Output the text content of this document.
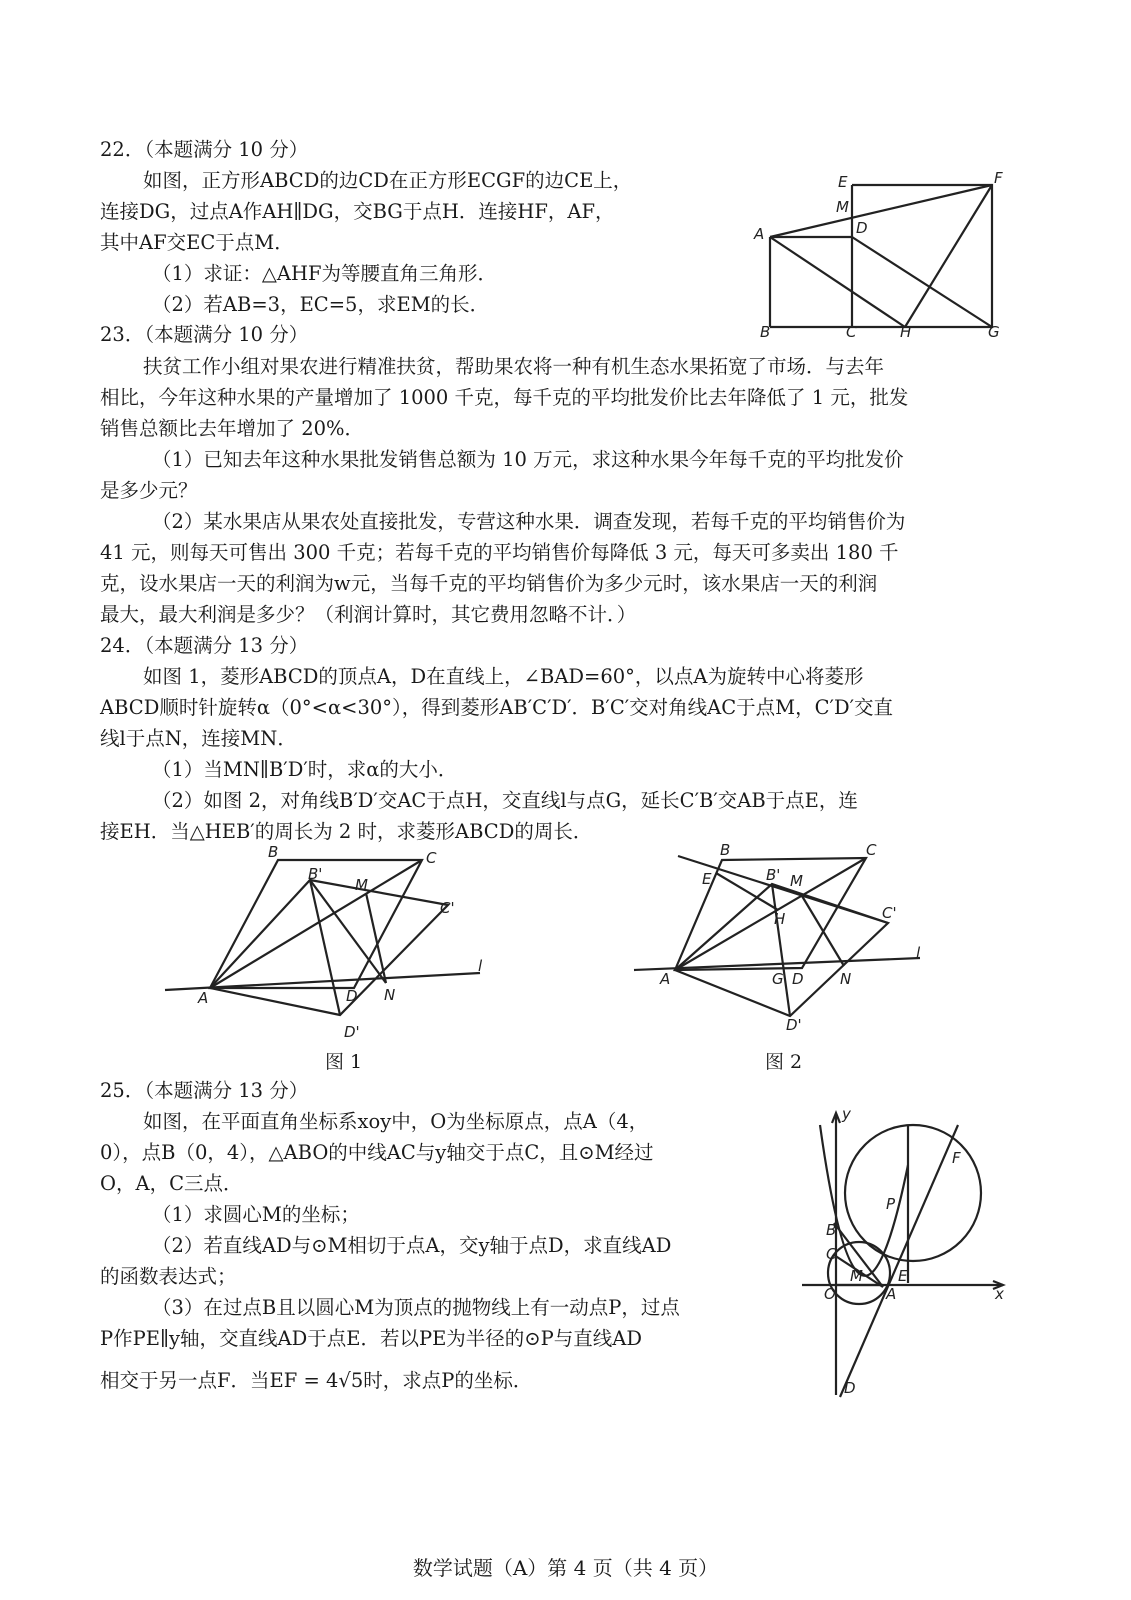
22．（本题满分 10 分）
如图，正方形ABCD的边CD在正方形ECGF的边CE上，
连接DG，过点A作AH∥DG，交BG于点H．连接HF，AF，
其中AF交EC于点M．
（1）求证：△AHF为等腰直角三角形．
（2）若AB=3，EC=5，求EM的长．
E	F
M
A	D
B	C	H	G
23．（本题满分 10 分）
扶贫工作小组对果农进行精准扶贫，帮助果农将一种有机生态水果拓宽了市场．与去年
相比，今年这种水果的产量增加了 1000 千克，每千克的平均批发价比去年降低了 1 元，批发
销售总额比去年增加了 20%．
（1）已知去年这种水果批发销售总额为 10 万元，求这种水果今年每千克的平均批发价
是多少元？
（2）某水果店从果农处直接批发，专营这种水果．调查发现，若每千克的平均销售价为
41 元，则每天可售出 300 千克；若每千克的平均销售价每降低 3 元，每天可多卖出 180 千
克，设水果店一天的利润为w元，当每千克的平均销售价为多少元时，该水果店一天的利润
最大，最大利润是多少？（利润计算时，其它费用忽略不计．）
24．（本题满分 13 分）
如图 1，菱形ABCD的顶点A，D在直线上，∠BAD=60°，以点A为旋转中心将菱形
ABCD顺时针旋转α（0°<α<30°），得到菱形AB′C′D′．B′C′交对角线AC于点M，C′D′交直
线l于点N，连接MN．
（1）当MN∥B′D′时，求α的大小．
（2）如图 2，对角线B′D′交AC于点H，交直线l与点G，延长C′B′交AB于点E，连
接EH．当△HEB′的周长为 2 时，求菱形ABCD的周长．
B	C
B'
M
C'
A	D N
D'
l
图 1
B	C
E	B' M
H	C'
A	G D N
D'
l
图 2
25．（本题满分 13 分）
如图，在平面直角坐标系xoy中，O为坐标原点，点A（4，
0），点B（0，4），△ABO的中线AC与y轴交于点C，且⊙M经过
O，A，C三点．
（1）求圆心M的坐标；
（2）若直线AD与⊙M相切于点A，交y轴于点D，求直线AD
的函数表达式；
（3）在过点B且以圆心M为顶点的抛物线上有一动点P，过点
P作PE∥y轴，交直线AD于点E．若以PE为半径的⊙P与直线AD
相交于另一点F．当EF = 4√5时，求点P的坐标．
y
x
F
P
B
C
M
O	A
E
D
数学试题（A）第 4 页（共 4 页）
